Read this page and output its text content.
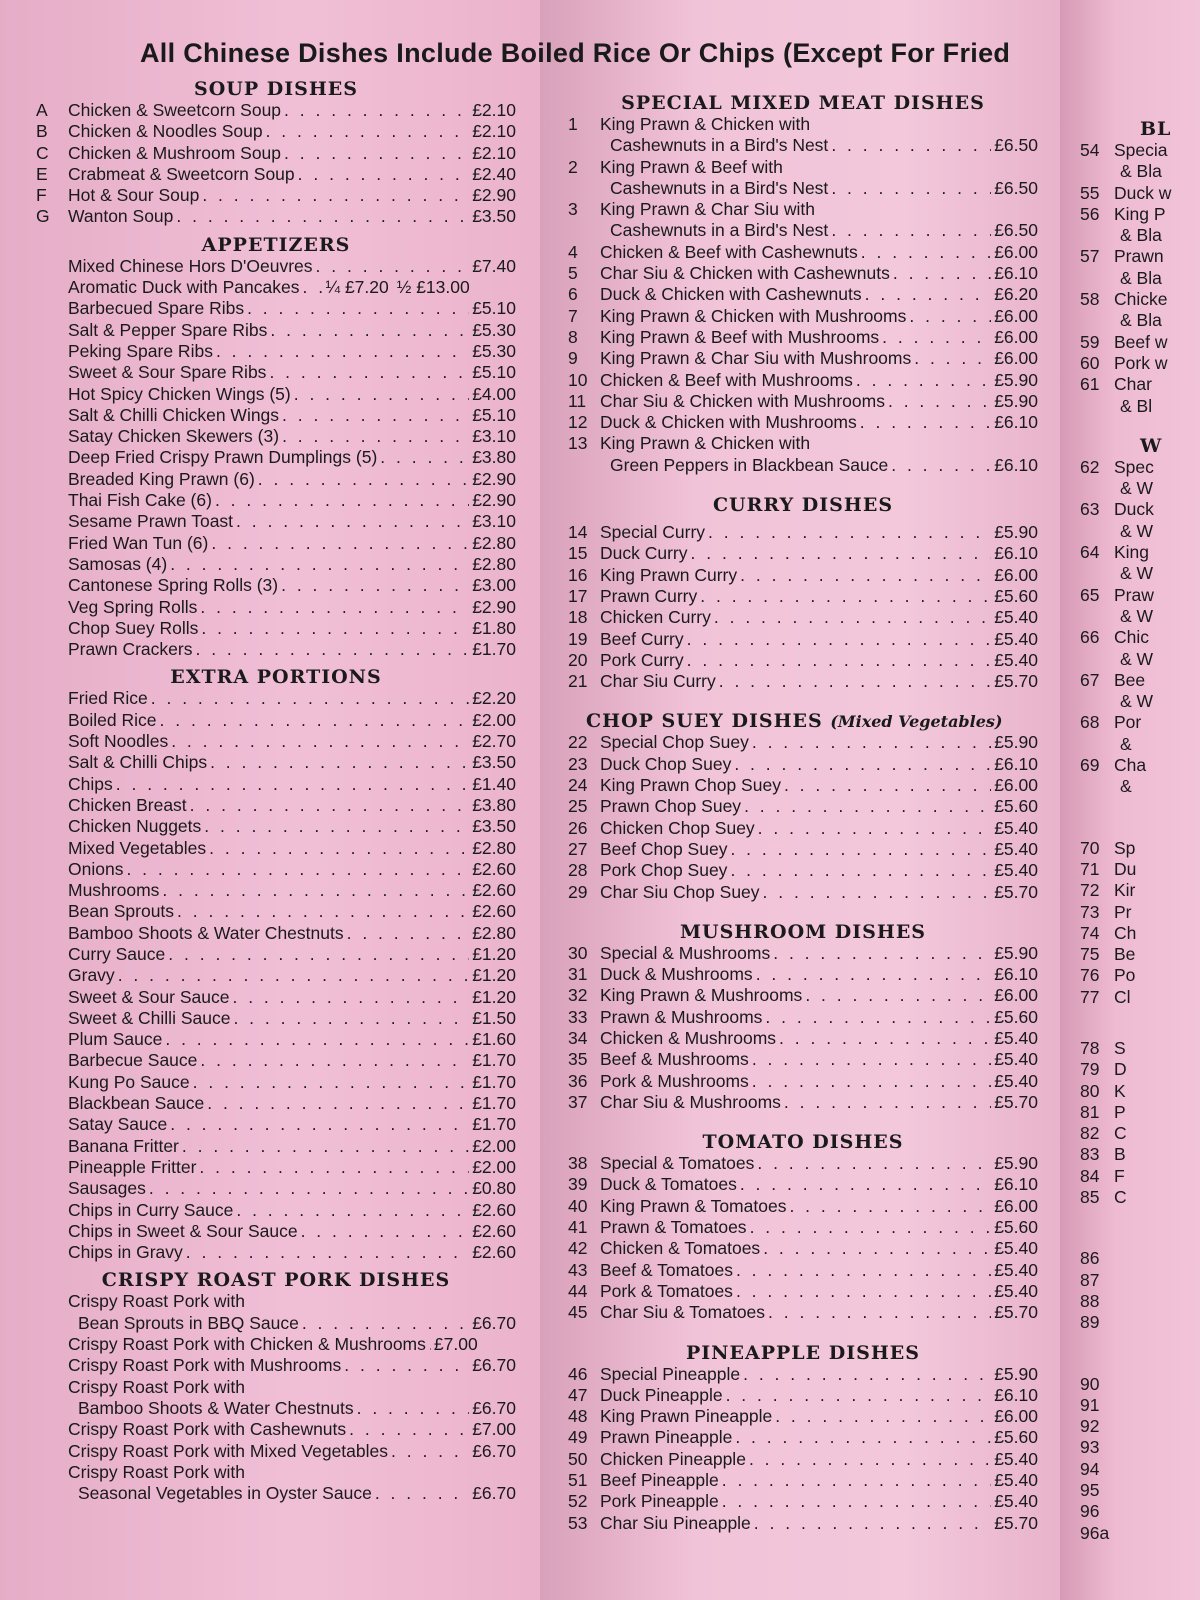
All Chinese Dishes Include Boiled Rice Or Chips (Except For Fried
SOUP DISHES
A	Chicken & Sweetcorn Soup . . .	£2.10
B	Chicken & Noodles Soup . . .	£2.10
C	Chicken & Mushroom Soup . . .	£2.10
E	Crabmeat & Sweetcorn Soup . . .	£2.40
F	Hot & Sour Soup . . .	£2.90
G	Wanton Soup . . .	£3.50
APPETIZERS
Mixed Chinese Hors D'Oeuvres . . .	£7.40
Aromatic Duck with Pancakes . . . ¼ £7.20 ½ £13.00
Barbecued Spare Ribs . . .	£5.10
Salt & Pepper Spare Ribs . . .	£5.30
Peking Spare Ribs . . .	£5.30
Sweet & Sour Spare Ribs . . .	£5.10
Hot Spicy Chicken Wings (5) . . .	£4.00
Salt & Chilli Chicken Wings . . .	£5.10
Satay Chicken Skewers (3) . . .	£3.10
Deep Fried Crispy Prawn Dumplings (5) . . .	£3.80
Breaded King Prawn (6) . . .	£2.90
Thai Fish Cake (6) . . .	£2.90
Sesame Prawn Toast . . .	£3.10
Fried Wan Tun (6) . . .	£2.80
Samosas (4) . . .	£2.80
Cantonese Spring Rolls (3) . . .	£3.00
Veg Spring Rolls . . .	£2.90
Chop Suey Rolls . . .	£1.80
Prawn Crackers . . .	£1.70
EXTRA PORTIONS
Fried Rice . . .	£2.20
Boiled Rice . . .	£2.00
Soft Noodles . . .	£2.70
Salt & Chilli Chips . . .	£3.50
Chips . . .	£1.40
Chicken Breast . . .	£3.80
Chicken Nuggets . . .	£3.50
Mixed Vegetables . . .	£2.80
Onions . . .	£2.60
Mushrooms . . .	£2.60
Bean Sprouts . . .	£2.60
Bamboo Shoots & Water Chestnuts . . .	£2.80
Curry Sauce . . .	£1.20
Gravy . . .	£1.20
Sweet & Sour Sauce . . .	£1.20
Sweet & Chilli Sauce . . .	£1.50
Plum Sauce . . .	£1.60
Barbecue Sauce . . .	£1.70
Kung Po Sauce . . .	£1.70
Blackbean Sauce . . .	£1.70
Satay Sauce . . .	£1.70
Banana Fritter . . .	£2.00
Pineapple Fritter . . .	£2.00
Sausages . . .	£0.80
Chips in Curry Sauce . . .	£2.60
Chips in Sweet & Sour Sauce . . .	£2.60
Chips in Gravy . . .	£2.60
CRISPY ROAST PORK DISHES
Crispy Roast Pork with
Bean Sprouts in BBQ Sauce . . .	£6.70
Crispy Roast Pork with Chicken & Mushrooms . . . £7.00
Crispy Roast Pork with Mushrooms . . .	£6.70
Crispy Roast Pork with
Bamboo Shoots & Water Chestnuts . . .	£6.70
Crispy Roast Pork with Cashewnuts . . .	£7.00
Crispy Roast Pork with Mixed Vegetables . . .	£6.70
Crispy Roast Pork with
Seasonal Vegetables in Oyster Sauce . . .	£6.70
SPECIAL MIXED MEAT DISHES
1	King Prawn & Chicken with
Cashewnuts in a Bird's Nest . . .	£6.50
2	King Prawn & Beef with
Cashewnuts in a Bird's Nest . . .	£6.50
3	King Prawn & Char Siu with
Cashewnuts in a Bird's Nest . . .	£6.50
4	Chicken & Beef with Cashewnuts . . .	£6.00
5	Char Siu & Chicken with Cashewnuts . . .	£6.10
6	Duck & Chicken with Cashewnuts . . .	£6.20
7	King Prawn & Chicken with Mushrooms . . .	£6.00
8	King Prawn & Beef with Mushrooms . . .	£6.00
9	King Prawn & Char Siu with Mushrooms . . .	£6.00
10 Chicken & Beef with Mushrooms . . .	£5.90
11 Char Siu & Chicken with Mushrooms . . .	£5.90
12 Duck & Chicken with Mushrooms . . .	£6.10
13 King Prawn & Chicken with
Green Peppers in Blackbean Sauce . . .	£6.10
CURRY DISHES
14 Special Curry . . .	£5.90
15 Duck Curry . . .	£6.10
16 King Prawn Curry . . .	£6.00
17 Prawn Curry . . .	£5.60
18 Chicken Curry . . .	£5.40
19 Beef Curry . . .	£5.40
20 Pork Curry . . .	£5.40
21 Char Siu Curry . . .	£5.70
CHOP SUEY DISHES (Mixed Vegetables)
22 Special Chop Suey . . .	£5.90
23 Duck Chop Suey . . .	£6.10
24 King Prawn Chop Suey . . .	£6.00
25 Prawn Chop Suey . . .	£5.60
26 Chicken Chop Suey . . .	£5.40
27 Beef Chop Suey . . .	£5.40
28 Pork Chop Suey . . .	£5.40
29 Char Siu Chop Suey . . .	£5.70
MUSHROOM DISHES
30 Special & Mushrooms . . .	£5.90
31 Duck & Mushrooms . . .	£6.10
32 King Prawn & Mushrooms . . .	£6.00
33 Prawn & Mushrooms . . .	£5.60
34 Chicken & Mushrooms . . .	£5.40
35 Beef & Mushrooms . . .	£5.40
36 Pork & Mushrooms . . .	£5.40
37 Char Siu & Mushrooms . . .	£5.70
TOMATO DISHES
38 Special & Tomatoes . . .	£5.90
39 Duck & Tomatoes . . .	£6.10
40 King Prawn & Tomatoes . . .	£6.00
41 Prawn & Tomatoes . . .	£5.60
42 Chicken & Tomatoes . . .	£5.40
43 Beef & Tomatoes . . .	£5.40
44 Pork & Tomatoes . . .	£5.40
45 Char Siu & Tomatoes . . .	£5.70
PINEAPPLE DISHES
46 Special Pineapple . . .	£5.90
47 Duck Pineapple . . .	£6.10
48 King Prawn Pineapple . . .	£6.00
49 Prawn Pineapple . . .	£5.60
50 Chicken Pineapple . . .	£5.40
51 Beef Pineapple . . .	£5.40
52 Pork Pineapple . . .	£5.40
53 Char Siu Pineapple . . .	£5.70
BL
54 Specia
& Bla
55 Duck w
56 King P
& Bla
57 Prawn
& Bla
58 Chicke
& Bla
59 Beef w
60 Pork w
61 Char
& Bl
W
62 Spec
& W
63 Duck
& W
64 King
& W
65 Praw
& W
66 Chic
& W
67 Bee
& W
68 Por
&
69 Cha
&
70 Sp
71 Du
72 Kir
73 Pr
74 Ch
75 Be
76 Po
77 Cl
78 S
79 D
80 K
81 P
82 C
83 B
84 F
85 C
86
87
88
89
90
91
92
93
94
95
96
96a
